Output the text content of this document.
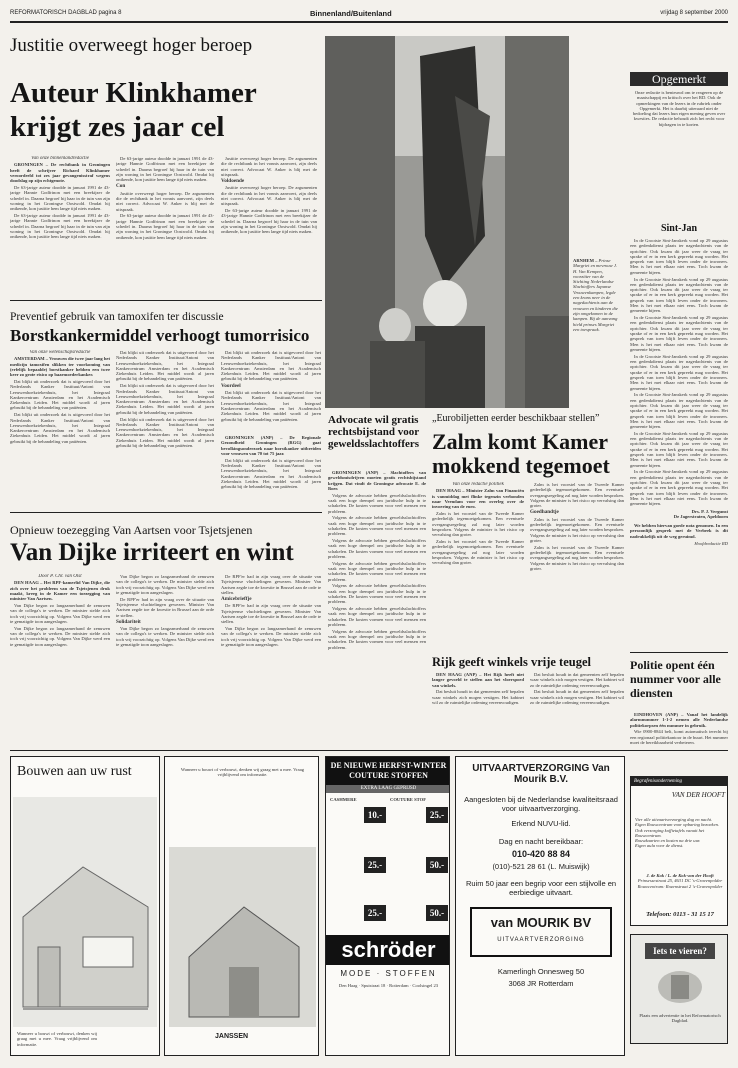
REFORMATORISCH DAGBLAD pagina 8	Binnenland/Buitenland	vrijdag 8 september 2000
Justitie overweegt hoger beroep
Auteur Klinkhamer krijgt zes jaar cel
Van onze binnenlandredactie

GRONINGEN – De rechtbank in Groningen heeft de schrijver Richard Klinkhamer veroordeeld tot zes jaar gevangenisstraf wegens doodslag op zijn echtgenote.

De 63-jarige auteur doodde in januari 1991 de 43-jarige Hannie Godfrinon met een breekijzer de schedel in. Daarna begroef hij haar in de tuin van zijn woning in het Groningse Oostwold. Omdat hij ontkende, kon justitie hem lange tijd niets maken.

De 63-jarige auteur doodde in januari 1991 de 43-jarige Hannie Godfrinon met een breekijzer de schedel in. Daarna begroef hij haar in de tuin van zijn woning in het Groningse Oostwold. Omdat hij ontkende, kon justitie hem lange tijd niets maken.

De 63-jarige auteur doodde in januari 1991 de 43-jarige Hannie Godfrinon met een breekijzer de schedel in. Daarna begroef hij haar in de tuin van zijn woning in het Groningse Oostwold. Omdat hij ontkende, kon justitie hem lange tijd niets maken.

Con

Justitie overweegt hoger beroep. De argumenten die de rechtbank in het vonnis aanvoert, zijn deels niet correct. Advocaat W. Anker is blij met de uitspraak.

De 63-jarige auteur doodde in januari 1991 de 43-jarige Hannie Godfrinon met een breekijzer de schedel in. Daarna begroef hij haar in de tuin van zijn woning in het Groningse Oostwold. Omdat hij ontkende, kon justitie hem lange tijd niets maken.

Justitie overweegt hoger beroep. De argumenten die de rechtbank in het vonnis aanvoert, zijn deels niet correct. Advocaat W. Anker is blij met de uitspraak.

Voldoende

Justitie overweegt hoger beroep. De argumenten die de rechtbank in het vonnis aanvoert, zijn deels niet correct. Advocaat W. Anker is blij met de uitspraak.

De 63-jarige auteur doodde in januari 1991 de 43-jarige Hannie Godfrinon met een breekijzer de schedel in. Daarna begroef hij haar in de tuin van zijn woning in het Groningse Oostwold. Omdat hij ontkende, kon justitie hem lange tijd niets maken.

ARNHEM – Prinse Margriet en mevrouw J. H. Van Kempen, voorzitter van de Stichting Nederlandse Slachtoffers Japanse Vrouwenkampen, legde een krans neer in de nagedachtenis aan de vrouwen en kinderen die zijn omgekomen in de kampen. Bij de aanvang hield prinses Margriet een toespraak.
Opgemerkt
Onze redactie is benieuwd om te reageren op de maatschappij en kritisch over het RD. Ook de opmerkingen van de lezers in de rubriek onder Opgemerkt. Het is daarbij uiteraard niet de bedoeling dat lezers hun eigen mening geven over kwesties. De redactie behoudt zich het recht voor bijdragen in te korten.
Sint-Jan

In de Grootste Sint-Janskerk vond op 29 augustus een gedenkdienst plaats ter nagedachtenis van de oprichter. Ook kwam dit jaar weer de vraag ter sprake of er in een kerk gepreekt mag worden. Het gesprek van toen blijft leven onder de inwoners. Men is het met elkaar niet eens. Toch kwam de gemeente bijeen.

In de Grootste Sint-Janskerk vond op 29 augustus een gedenkdienst plaats ter nagedachtenis van de oprichter. Ook kwam dit jaar weer de vraag ter sprake of er in een kerk gepreekt mag worden. Het gesprek van toen blijft leven onder de inwoners. Men is het met elkaar niet eens. Toch kwam de gemeente bijeen.

In de Grootste Sint-Janskerk vond op 29 augustus een gedenkdienst plaats ter nagedachtenis van de oprichter. Ook kwam dit jaar weer de vraag ter sprake of er in een kerk gepreekt mag worden. Het gesprek van toen blijft leven onder de inwoners. Men is het met elkaar niet eens. Toch kwam de gemeente bijeen.

In de Grootste Sint-Janskerk vond op 29 augustus een gedenkdienst plaats ter nagedachtenis van de oprichter. Ook kwam dit jaar weer de vraag ter sprake of er in een kerk gepreekt mag worden. Het gesprek van toen blijft leven onder de inwoners. Men is het met elkaar niet eens. Toch kwam de gemeente bijeen.

In de Grootste Sint-Janskerk vond op 29 augustus een gedenkdienst plaats ter nagedachtenis van de oprichter. Ook kwam dit jaar weer de vraag ter sprake of er in een kerk gepreekt mag worden. Het gesprek van toen blijft leven onder de inwoners. Men is het met elkaar niet eens. Toch kwam de gemeente bijeen.

In de Grootste Sint-Janskerk vond op 29 augustus een gedenkdienst plaats ter nagedachtenis van de oprichter. Ook kwam dit jaar weer de vraag ter sprake of er in een kerk gepreekt mag worden. Het gesprek van toen blijft leven onder de inwoners. Men is het met elkaar niet eens. Toch kwam de gemeente bijeen.

In de Grootste Sint-Janskerk vond op 29 augustus een gedenkdienst plaats ter nagedachtenis van de oprichter. Ook kwam dit jaar weer de vraag ter sprake of er in een kerk gepreekt mag worden. Het gesprek van toen blijft leven onder de inwoners. Men is het met elkaar niet eens. Toch kwam de gemeente bijeen.

Drs. P. J. Vergunst
De Jagerstraten, Apeldoorn

We hebben hiervan goede nota genomen. In een persoonlijk gesprek met de Verbeek is dit nadrukkelijk uit de weg geruimd.

Hoofdredactie RD
Preventief gebruik van tamoxifen ter discussie
Borstkankermiddel verhoogt tumorrisico
Van onze wetenschapsredactie

AMSTERDAM – Vrouwen die twee jaar lang het medicijn tamoxifen slikken ter voorkoming van (erfelijk bepaalde) borstkanker hebben een twee keer zo grote risico op baarmoederkanker.

Dat blijkt uit onderzoek dat is uitgevoerd door het Nederlands Kanker Instituut/Antoni van Leeuwenhoekziekenhuis, het Integraal Kankercentrum Amsterdam en het Academisch Ziekenhuis Leiden. Het middel wordt al jaren gebruikt bij de behandeling van patiënten.

Dat blijkt uit onderzoek dat is uitgevoerd door het Nederlands Kanker Instituut/Antoni van Leeuwenhoekziekenhuis, het Integraal Kankercentrum Amsterdam en het Academisch Ziekenhuis Leiden. Het middel wordt al jaren gebruikt bij de behandeling van patiënten.

Dat blijkt uit onderzoek dat is uitgevoerd door het Nederlands Kanker Instituut/Antoni van Leeuwenhoekziekenhuis, het Integraal Kankercentrum Amsterdam en het Academisch Ziekenhuis Leiden. Het middel wordt al jaren gebruikt bij de behandeling van patiënten.

Dat blijkt uit onderzoek dat is uitgevoerd door het Nederlands Kanker Instituut/Antoni van Leeuwenhoekziekenhuis, het Integraal Kankercentrum Amsterdam en het Academisch Ziekenhuis Leiden. Het middel wordt al jaren gebruikt bij de behandeling van patiënten.

Dat blijkt uit onderzoek dat is uitgevoerd door het Nederlands Kanker Instituut/Antoni van Leeuwenhoekziekenhuis, het Integraal Kankercentrum Amsterdam en het Academisch Ziekenhuis Leiden. Het middel wordt al jaren gebruikt bij de behandeling van patiënten.

Dat blijkt uit onderzoek dat is uitgevoerd door het Nederlands Kanker Instituut/Antoni van Leeuwenhoekziekenhuis, het Integraal Kankercentrum Amsterdam en het Academisch Ziekenhuis Leiden. Het middel wordt al jaren gebruikt bij de behandeling van patiënten.

Voordeel

Dat blijkt uit onderzoek dat is uitgevoerd door het Nederlands Kanker Instituut/Antoni van Leeuwenhoekziekenhuis, het Integraal Kankercentrum Amsterdam en het Academisch Ziekenhuis Leiden. Het middel wordt al jaren gebruikt bij de behandeling van patiënten.

GRONINGEN (ANP) – De Regionale Gezondheid Groningen (RGG) gaat bevolkingsonderzoek naar borstkanker uitbreiden voor vrouwen van 70 tot 75 jaar.

Dat blijkt uit onderzoek dat is uitgevoerd door het Nederlands Kanker Instituut/Antoni van Leeuwenhoekziekenhuis, het Integraal Kankercentrum Amsterdam en het Academisch Ziekenhuis Leiden. Het middel wordt al jaren gebruikt bij de behandeling van patiënten.

Advocate wil gratis rechtsbijstand voor geweldsslachtoffers

GRONINGEN (ANP) – Slachtoffers van geweldsmisdrijven moeten gratis rechtsbijstand krijgen. Dat vindt de Groningse advocate E. de Boer.

Volgens de advocate hebben geweldsslachtoffers vaak een hoge drempel om juridische hulp in te schakelen. De kosten vormen voor veel mensen een probleem.

Volgens de advocate hebben geweldsslachtoffers vaak een hoge drempel om juridische hulp in te schakelen. De kosten vormen voor veel mensen een probleem.

Volgens de advocate hebben geweldsslachtoffers vaak een hoge drempel om juridische hulp in te schakelen. De kosten vormen voor veel mensen een probleem.

Volgens de advocate hebben geweldsslachtoffers vaak een hoge drempel om juridische hulp in te schakelen. De kosten vormen voor veel mensen een probleem.

Volgens de advocate hebben geweldsslachtoffers vaak een hoge drempel om juridische hulp in te schakelen. De kosten vormen voor veel mensen een probleem.

Volgens de advocate hebben geweldsslachtoffers vaak een hoge drempel om juridische hulp in te schakelen. De kosten vormen voor veel mensen een probleem.

Volgens de advocate hebben geweldsslachtoffers vaak een hoge drempel om juridische hulp in te schakelen. De kosten vormen voor veel mensen een probleem.

„Eurobiljetten eerder beschikbaar stellen”
Zalm komt Kamer mokkend tegemoet
Van onze redactie politiek

DEN HAAG – Minister Zalm van Financiën is vanmiddag met flinke tegenzin verbonden naar Veendam voor een overleg over de invoering van de euro.

Zalm is het voorstel van de Tweede Kamer gedeeltelijk tegemoetgekomen. Een eventuele overgangsregeling zal nog later worden besproken. Volgens de minister is het risico op vervalsing dan groter.

Zalm is het voorstel van de Tweede Kamer gedeeltelijk tegemoetgekomen. Een eventuele overgangsregeling zal nog later worden besproken. Volgens de minister is het risico op vervalsing dan groter.

Zalm is het voorstel van de Tweede Kamer gedeeltelijk tegemoetgekomen. Een eventuele overgangsregeling zal nog later worden besproken. Volgens de minister is het risico op vervalsing dan groter.

Goedhandtje

Zalm is het voorstel van de Tweede Kamer gedeeltelijk tegemoetgekomen. Een eventuele overgangsregeling zal nog later worden besproken. Volgens de minister is het risico op vervalsing dan groter.

Zalm is het voorstel van de Tweede Kamer gedeeltelijk tegemoetgekomen. Een eventuele overgangsregeling zal nog later worden besproken. Volgens de minister is het risico op vervalsing dan groter.

Rijk geeft winkels vrije teugel

DEN HAAG (ANP) – Het Rijk heeft niet langer gevoeld te stellen aan het vloerspoed van winkels.

Dat besluit houdt in dat gemeenten zelf bepalen waar winkels zich mogen vestigen. Het kabinet wil zo de ruimtelijke ordening vereenvoudigen.

Dat besluit houdt in dat gemeenten zelf bepalen waar winkels zich mogen vestigen. Het kabinet wil zo de ruimtelijke ordening vereenvoudigen.

Dat besluit houdt in dat gemeenten zelf bepalen waar winkels zich mogen vestigen. Het kabinet wil zo de ruimtelijke ordening vereenvoudigen.

Opnieuw toezegging Van Aartsen voor Tsjetsjenen
Van Dijke irriteert en wint
Door P. Chr. van Olst

DEN HAAG – Het RPF-kamerlid Van Dijke, die zich over het probleem van de Tsjetsjenen druk maakt, kreeg in de Kamer een toezegging van minister Van Aartsen.

Van Dijke begon zo langzamerhand de zenuwen van de collega's te werken. De minister stelde zich toch vrij voorzichtig op. Volgens Van Dijke werd een te gematigde toon aangeslagen.

Van Dijke begon zo langzamerhand de zenuwen van de collega's te werken. De minister stelde zich toch vrij voorzichtig op. Volgens Van Dijke werd een te gematigde toon aangeslagen.

Van Dijke begon zo langzamerhand de zenuwen van de collega's te werken. De minister stelde zich toch vrij voorzichtig op. Volgens Van Dijke werd een te gematigde toon aangeslagen.

De RPF'er had in zijn vraag over de situatie van Tsjetsjeense vluchtelingen gewezen. Minister Van Aartsen zegde toe de kwestie in Brussel aan de orde te stellen.

Solidariteit

Van Dijke begon zo langzamerhand de zenuwen van de collega's te werken. De minister stelde zich toch vrij voorzichtig op. Volgens Van Dijke werd een te gematigde toon aangeslagen.

De RPF'er had in zijn vraag over de situatie van Tsjetsjeense vluchtelingen gewezen. Minister Van Aartsen zegde toe de kwestie in Brussel aan de orde te stellen.

Amicebrieffje

De RPF'er had in zijn vraag over de situatie van Tsjetsjeense vluchtelingen gewezen. Minister Van Aartsen zegde toe de kwestie in Brussel aan de orde te stellen.

Van Dijke begon zo langzamerhand de zenuwen van de collega's te werken. De minister stelde zich toch vrij voorzichtig op. Volgens Van Dijke werd een te gematigde toon aangeslagen.

Politie opent één nummer voor alle diensten

EINDHOVEN (ANP) – Vanaf het landelijk alarmnummer 1-1-2 nemen alle Nederlandse politiekorpsen één nummer in gebruik.

Wie 0900-8844 belt, komt automatisch terecht bij een regionaal politiekantoor in de buurt. Het nummer moet de bereikbaarheid verbeteren.

Bouwen aan uw rust
Wanneer u bouwt of verbouwt, denken wij graag met u mee. Vraag vrijblijvend om informatie.
Wanneer u bouwt of verbouwt, denken wij graag met u mee. Vraag vrijblijvend om informatie.
JANSSEN
DE NIEUWE HERFST-WINTER COUTURE STOFFEN
EXTRA LAAG GEPRIJSD
CASHMERE	COUTURE STOF
10.-	25.-
25.-	50.-
25.-	50.-
schröder
MODE · STOFFEN
Den Haag · Spuistraat 18 · Rotterdam · Coolsingel 23
UITVAARTVERZORGING Van Mourik B.V.
Aangesloten bij de Nederlandse kwaliteitsraad voor uitvaartverzorging.
Erkend NUVU-lid.
Dag en nacht bereikbaar:
010-420 88 84
(010)-521 28 61 (L. Muiswijk)
Ruim 50 jaar een begrip voor een stijlvolle en eerbiedige uitvaart.
van MOURIK BV
UITVAARTVERZORGING
Kamerlingh Onnesweg 50
3068 JR Rotterdam
Begrafenisonderneming
VAN DER HOOFT
Vier alle uitvaartverzorging dag en nacht.
Eigen Rouwcentrum voor opbaring bezoeken.
Ook verzorging koffietafels vanuit het Rouwcentrum.
Rouwkaarten en kosten na drie uur.
Eigen aula voor de dienst.
J. de Kok / L. de Kok-van der Hooft
Prinsessestraat 25, 4631 DC 's-Gravenpolder
Rouwcentrum: Rozenstraat 2 's-Gravenpolder
Telefoon: 0113 - 31 15 17
Iets te vieren?
Plaats een advertentie in het Reformatorisch Dagblad.
